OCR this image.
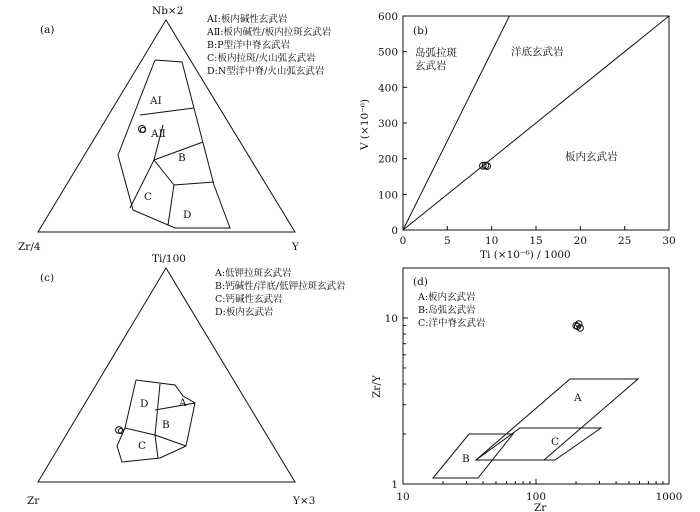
(a)
Nb×2
Zr/4	Y
AⅠ:板内碱性玄武岩
AⅡ:板内碱性/板内拉斑玄武岩
B:P型洋中脊玄武岩
C:板内拉斑/火山弧玄武岩
D:N型洋中脊/火山弧玄武岩
AⅠ
AⅡ
B
C
D
(b)
0	5	10	15	20	25	30
0
100
200
300
400
500
600
Ti (×10⁻⁶) / 1000
V (×10⁻⁶)
岛弧拉斑玄武岩
洋底玄武岩
板内玄武岩
(c)
Ti/100
Zr	Y×3
A:低钾拉斑玄武岩
B:钙碱性/洋底/低钾拉斑玄武岩
C:钙碱性玄武岩
D:板内玄武岩
D	A
B
C
(d)
A:板内玄武岩
B:岛弧玄武岩
C:洋中脊玄武岩
10	100	1000
1
10
Zr
Zr/Y	A
B
C
